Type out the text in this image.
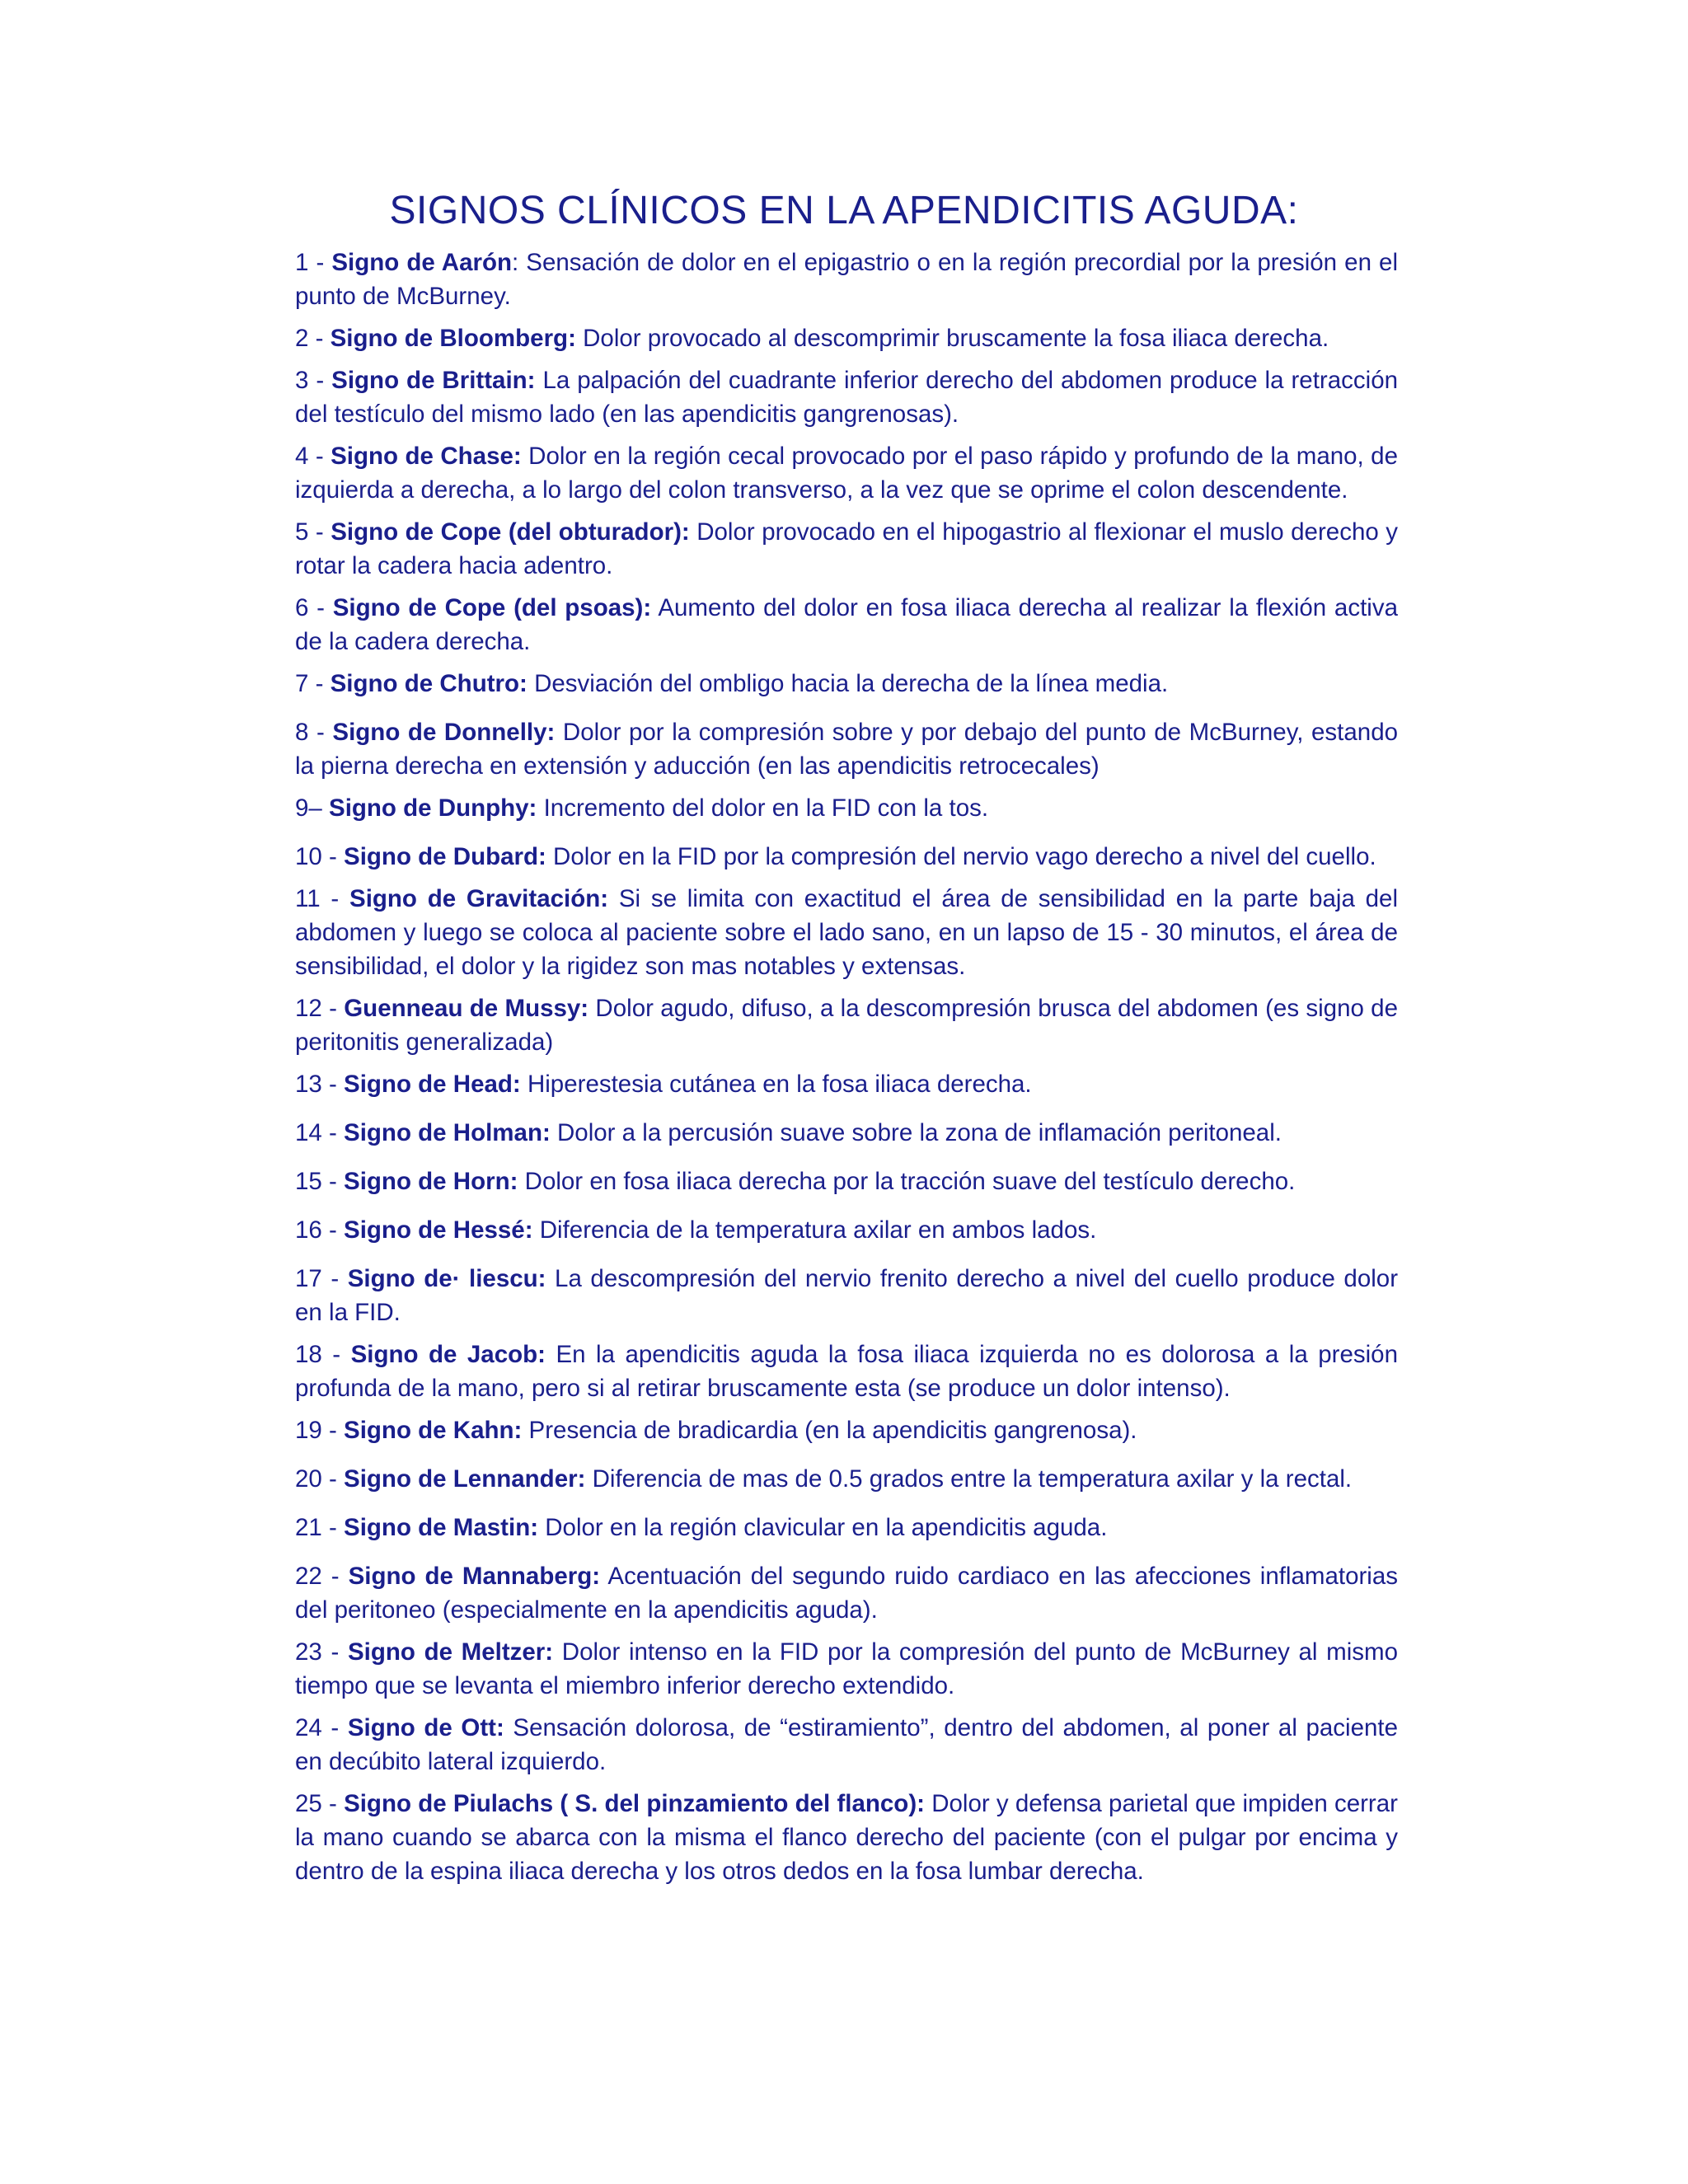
SIGNOS CLÍNICOS EN LA APENDICITIS AGUDA:
1 - Signo de Aarón: Sensación de dolor en el epigastrio o en la región precordial por la presión en el punto de McBurney.
2 - Signo de Bloomberg: Dolor provocado al descomprimir bruscamente la fosa iliaca derecha.
3 - Signo de Brittain: La palpación del cuadrante inferior derecho del abdomen produce la retracción del testículo del mismo lado (en las apendicitis gangrenosas).
4 - Signo de Chase: Dolor en la región cecal provocado por el paso rápido y profundo de la mano, de izquierda a derecha, a lo largo del colon transverso, a la vez que se oprime el colon descendente.
5 - Signo de Cope (del obturador): Dolor provocado en el hipogastrio al flexionar el muslo derecho y rotar la cadera hacia adentro.
6 - Signo de Cope (del psoas): Aumento del dolor en fosa iliaca derecha al realizar la flexión activa de la cadera derecha.
7 - Signo de Chutro: Desviación del ombligo hacia la derecha de la línea media.
8 - Signo de Donnelly: Dolor por la compresión sobre y por debajo del punto de McBurney, estando la pierna derecha en extensión y aducción (en las apendicitis retrocecales)
9– Signo de Dunphy: Incremento del dolor en la FID con la tos.
10 - Signo de Dubard: Dolor en la FID por la compresión del nervio vago derecho a nivel del cuello.
11 - Signo de Gravitación: Si se limita con exactitud el área de sensibilidad en la parte baja del abdomen y luego se coloca al paciente sobre el lado sano, en un lapso de 15 - 30 minutos, el área de sensibilidad, el dolor y la rigidez son mas notables y extensas.
12 - Guenneau de Mussy: Dolor agudo, difuso, a la descompresión brusca del abdomen (es signo de peritonitis generalizada)
13 - Signo de Head: Hiperestesia cutánea en la fosa iliaca derecha.
14 - Signo de Holman: Dolor a la percusión suave sobre la zona de inflamación peritoneal.
15 - Signo de Horn: Dolor en fosa iliaca derecha por la tracción suave del testículo derecho.
16 - Signo de Hessé: Diferencia de la temperatura axilar en ambos lados.
17 - Signo de· liescu: La descompresión del nervio frenito derecho a nivel del cuello produce dolor en la FID.
18 - Signo de Jacob: En la apendicitis aguda la fosa iliaca izquierda no es dolorosa a la presión profunda de la mano, pero si al retirar bruscamente esta (se produce un dolor intenso).
19 - Signo de Kahn: Presencia de bradicardia (en la apendicitis gangrenosa).
20 - Signo de Lennander: Diferencia de mas de 0.5 grados entre la temperatura axilar y la rectal.
21 - Signo de Mastin: Dolor en la región clavicular en la apendicitis aguda.
22 - Signo de Mannaberg: Acentuación del segundo ruido cardiaco en las afecciones inflamatorias del peritoneo (especialmente en la apendicitis aguda).
23 - Signo de Meltzer: Dolor intenso en la FID por la compresión del punto de McBurney al mismo tiempo que se levanta el miembro inferior derecho extendido.
24 - Signo de Ott: Sensación dolorosa, de “estiramiento”, dentro del abdomen, al poner al paciente en decúbito lateral izquierdo.
25 - Signo de Piulachs ( S. del pinzamiento del flanco): Dolor y defensa parietal que impiden cerrar la mano cuando se abarca con la misma el flanco derecho del paciente (con el pulgar por encima y dentro de la espina iliaca derecha y los otros dedos en la fosa lumbar derecha.
